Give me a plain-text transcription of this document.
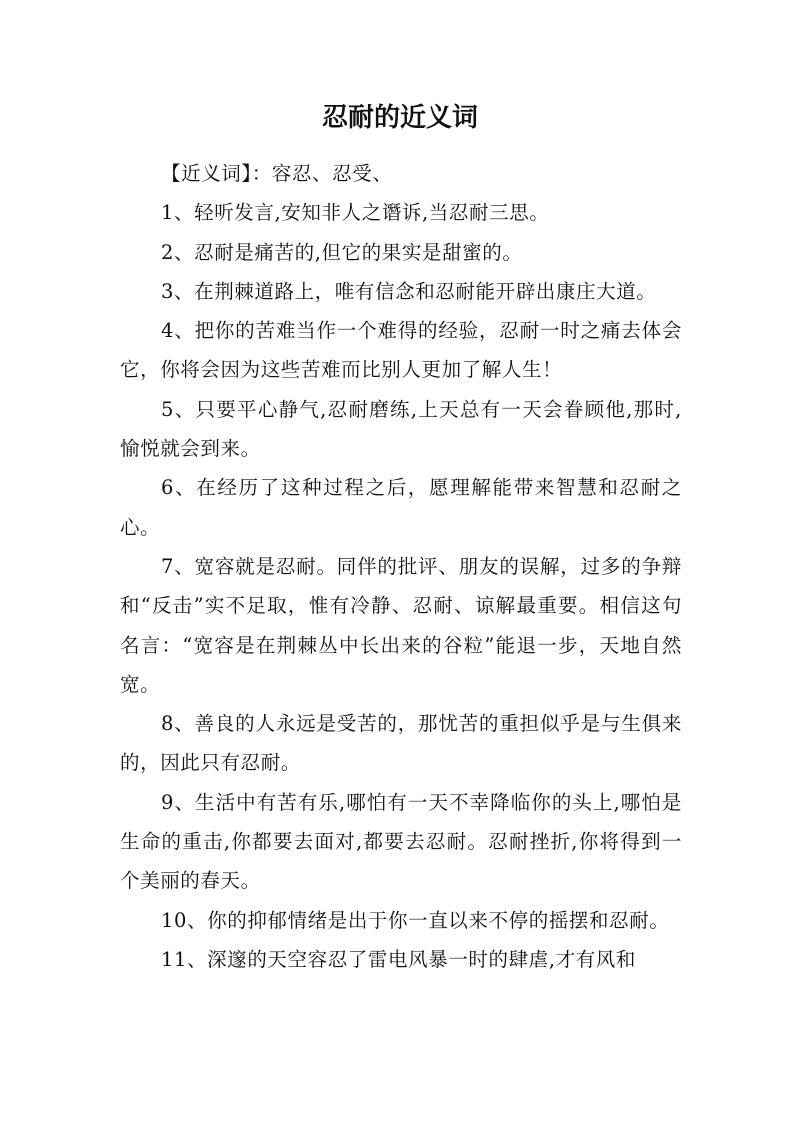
忍耐的近义词

【近义词】：容忍、忍受、

1、轻听发言,安知非人之谮诉,当忍耐三思。

2、忍耐是痛苦的,但它的果实是甜蜜的。

3、在荆棘道路上，唯有信念和忍耐能开辟出康庄大道。

4、把你的苦难当作一个难得的经验，忍耐一时之痛去体会它，你将会因为这些苦难而比别人更加了解人生！

5、只要平心静气,忍耐磨练,上天总有一天会眷顾他,那时,愉悦就会到来。

6、在经历了这种过程之后，愿理解能带来智慧和忍耐之心。

7、宽容就是忍耐。同伴的批评、朋友的误解，过多的争辩和“反击”实不足取，惟有冷静、忍耐、谅解最重要。相信这句名言：“宽容是在荆棘丛中长出来的谷粒”能退一步，天地自然宽。

8、善良的人永远是受苦的，那忧苦的重担似乎是与生俱来的，因此只有忍耐。

9、生活中有苦有乐,哪怕有一天不幸降临你的头上,哪怕是生命的重击,你都要去面对,都要去忍耐。忍耐挫折,你将得到一个美丽的春天。

10、你的抑郁情绪是出于你一直以来不停的摇摆和忍耐。

11、深邃的天空容忍了雷电风暴一时的肆虐,才有风和
